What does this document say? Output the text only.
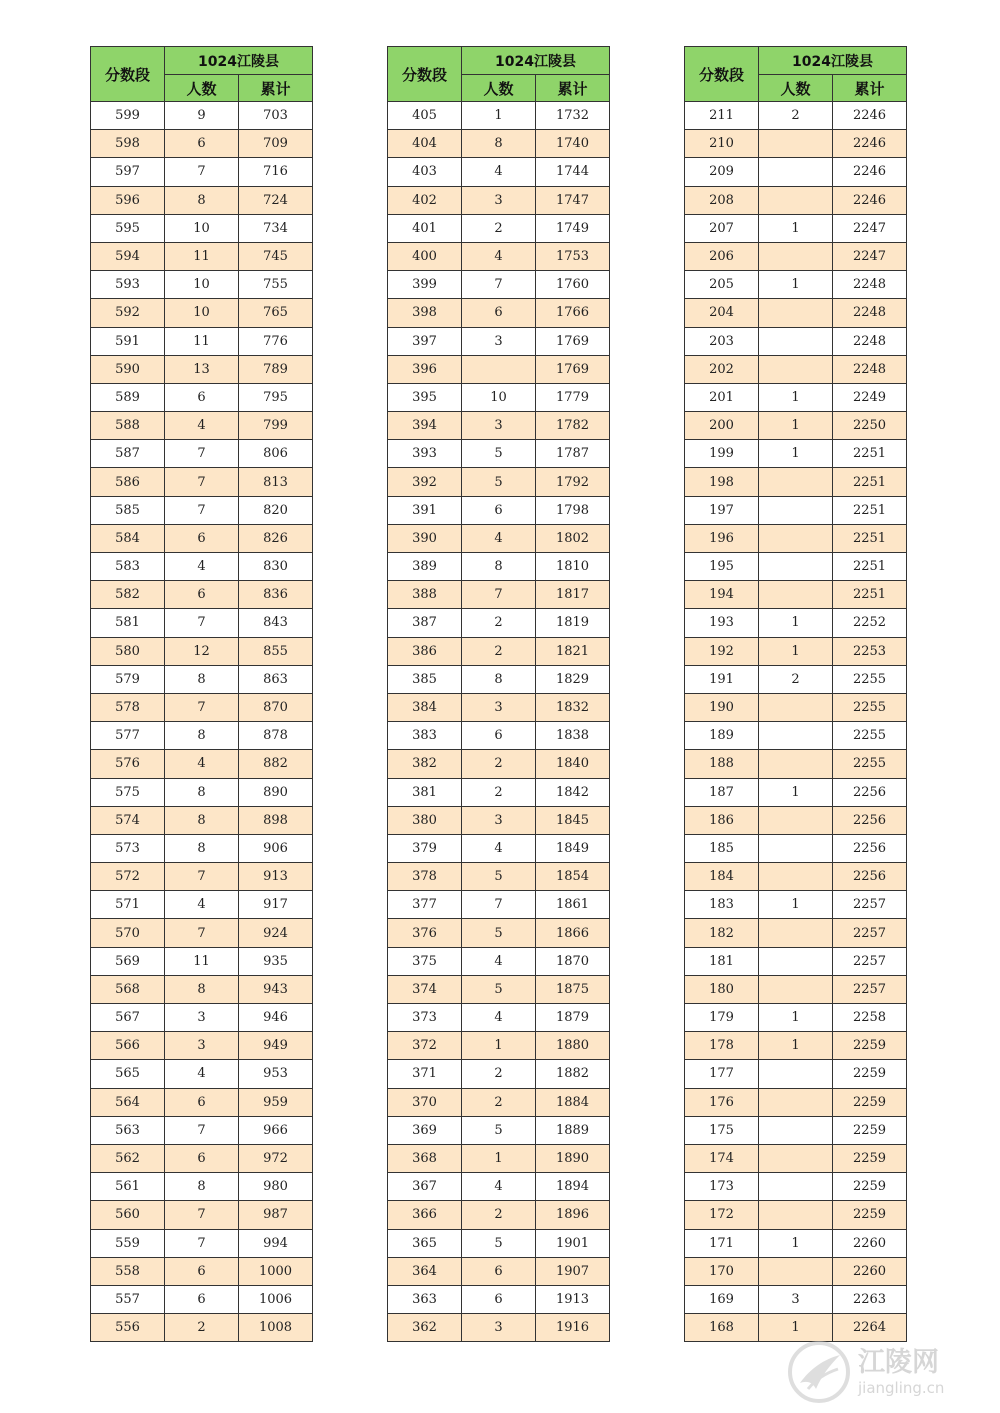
分数段	1024江陵县	
	人数	累计
599	9	703
598	6	709
597	7	716
596	8	724
595	10	734
594	11	745
593	10	755
592	10	765
591	11	776
590	13	789
589	6	795
588	4	799
587	7	806
586	7	813
585	7	820
584	6	826
583	4	830
582	6	836
581	7	843
580	12	855
579	8	863
578	7	870
577	8	878
576	4	882
575	8	890
574	8	898
573	8	906
572	7	913
571	4	917
570	7	924
569	11	935
568	8	943
567	3	946
566	3	949
565	4	953
564	6	959
563	7	966
562	6	972
561	8	980
560	7	987
559	7	994
558	6	1000
557	6	1006
556	2	1008
分数段	1024江陵县	
	人数	累计
405	1	1732
404	8	1740
403	4	1744
402	3	1747
401	2	1749
400	4	1753
399	7	1760
398	6	1766
397	3	1769
396		1769
395	10	1779
394	3	1782
393	5	1787
392	5	1792
391	6	1798
390	4	1802
389	8	1810
388	7	1817
387	2	1819
386	2	1821
385	8	1829
384	3	1832
383	6	1838
382	2	1840
381	2	1842
380	3	1845
379	4	1849
378	5	1854
377	7	1861
376	5	1866
375	4	1870
374	5	1875
373	4	1879
372	1	1880
371	2	1882
370	2	1884
369	5	1889
368	1	1890
367	4	1894
366	2	1896
365	5	1901
364	6	1907
363	6	1913
362	3	1916
分数段	1024江陵县	
	人数	累计
211	2	2246
210		2246
209		2246
208		2246
207	1	2247
206		2247
205	1	2248
204		2248
203		2248
202		2248
201	1	2249
200	1	2250
199	1	2251
198		2251
197		2251
196		2251
195		2251
194		2251
193	1	2252
192	1	2253
191	2	2255
190		2255
189		2255
188		2255
187	1	2256
186		2256
185		2256
184		2256
183	1	2257
182		2257
181		2257
180		2257
179	1	2258
178	1	2259
177		2259
176		2259
175		2259
174		2259
173		2259
172		2259
171	1	2260
170		2260
169	3	2263
168	1	2264
江陵网
jiangling.cn
